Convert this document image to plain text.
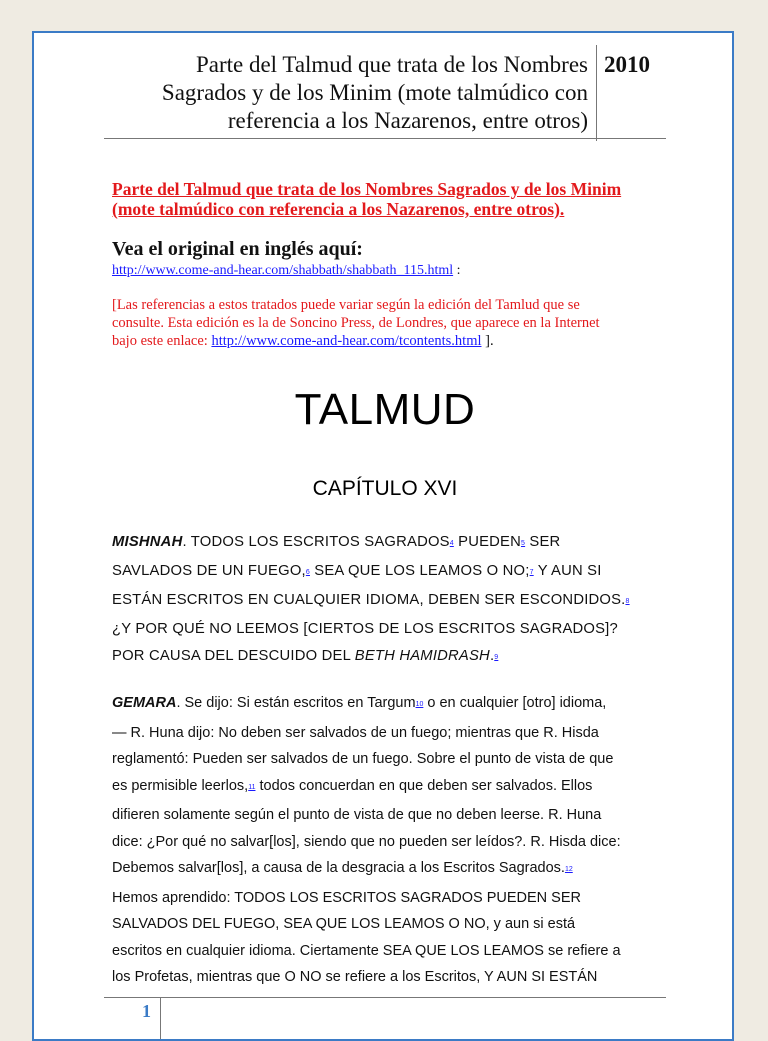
Parte del Talmud que trata de los Nombres
Sagrados y de los Minim (mote talmúdico con
referencia a los Nazarenos, entre otros)
2010
Parte del Talmud que trata de los Nombres Sagrados y de los Minim
(mote talmúdico con referencia a los Nazarenos, entre otros).
Vea el original en inglés aquí:
http://www.come-and-hear.com/shabbath/shabbath_115.html :
[Las referencias a estos tratados puede variar según la edición del Tamlud que se
consulte. Esta edición es la de Soncino Press, de Londres, que aparece en la Internet
bajo este enlace: http://www.come-and-hear.com/tcontents.html ].
TALMUD
CAPÍTULO XVI
MISHNAH. TODOS LOS ESCRITOS SAGRADOS$^4$ PUEDEN$^5$ SER
SAVLADOS DE UN FUEGO,$^6$ SEA QUE LOS LEAMOS O NO;$^7$ Y AUN SI
ESTÁN ESCRITOS EN CUALQUIER IDIOMA, DEBEN SER ESCONDIDOS.$^8$
¿Y POR QUÉ NO LEEMOS [CIERTOS DE LOS ESCRITOS SAGRADOS]?
POR CAUSA DEL DESCUIDO DEL BETH HAMIDRASH.$^9$
GEMARA. Se dijo: Si están escritos en Targum$^{10}$ o en cualquier [otro] idioma,
— R. Huna dijo: No deben ser salvados de un fuego; mientras que R. Hisda
reglamentó: Pueden ser salvados de un fuego. Sobre el punto de vista de que
es permisible leerlos,$^{11}$ todos concuerdan en que deben ser salvados. Ellos
difieren solamente según el punto de vista de que no deben leerse. R. Huna
dice: ¿Por qué no salvar[los], siendo que no pueden ser leídos?. R. Hisda dice:
Debemos salvar[los], a causa de la desgracia a los Escritos Sagrados.$^{12}$
Hemos aprendido: TODOS LOS ESCRITOS SAGRADOS PUEDEN SER
SALVADOS DEL FUEGO, SEA QUE LOS LEAMOS O NO, y aun si está
escritos en cualquier idioma. Ciertamente SEA QUE LOS LEAMOS se refiere a
los Profetas, mientras que O NO se refiere a los Escritos, Y AUN SI ESTÁN
1
